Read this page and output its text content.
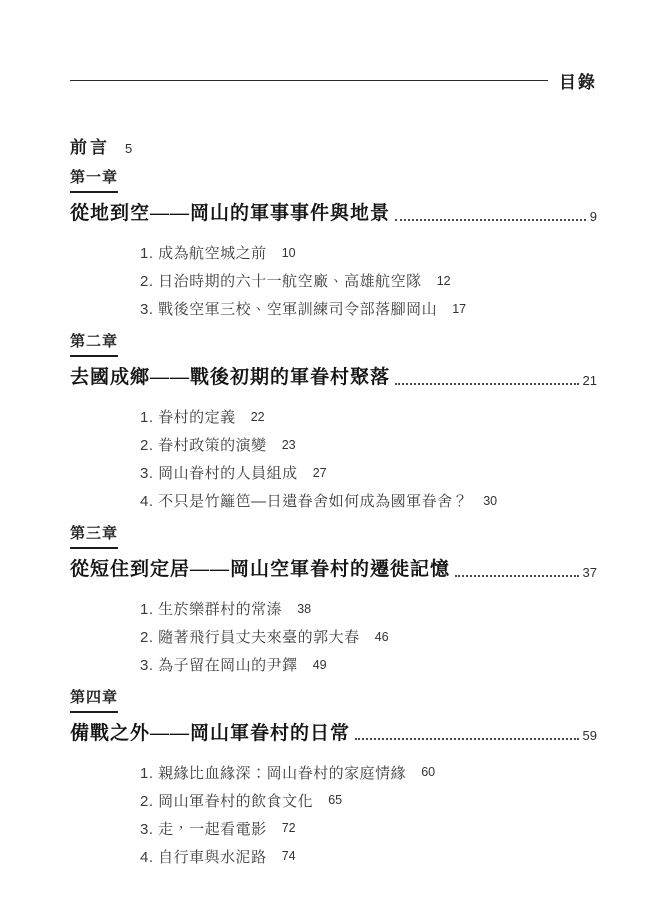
目錄
前言 5
第一章
從地到空——岡山的軍事事件與地景	9
1. 成為航空城之前 10
2. 日治時期的六十一航空廠、高雄航空隊 12
3. 戰後空軍三校、空軍訓練司令部落腳岡山 17
第二章
去國成鄉——戰後初期的軍眷村聚落	21
1. 眷村的定義 22
2. 眷村政策的演變 23
3. 岡山眷村的人員組成 27
4. 不只是竹籬笆—日遺眷舍如何成為國軍眷舍？ 30
第三章
從短住到定居——岡山空軍眷村的遷徙記憶	37
1. 生於樂群村的常溱 38
2. 隨著飛行員丈夫來臺的郭大春 46
3. 為子留在岡山的尹鐸 49
第四章
備戰之外——岡山軍眷村的日常	59
1. 親緣比血緣深：岡山眷村的家庭情緣 60
2. 岡山軍眷村的飲食文化 65
3. 走，一起看電影 72
4. 自行車與水泥路 74
